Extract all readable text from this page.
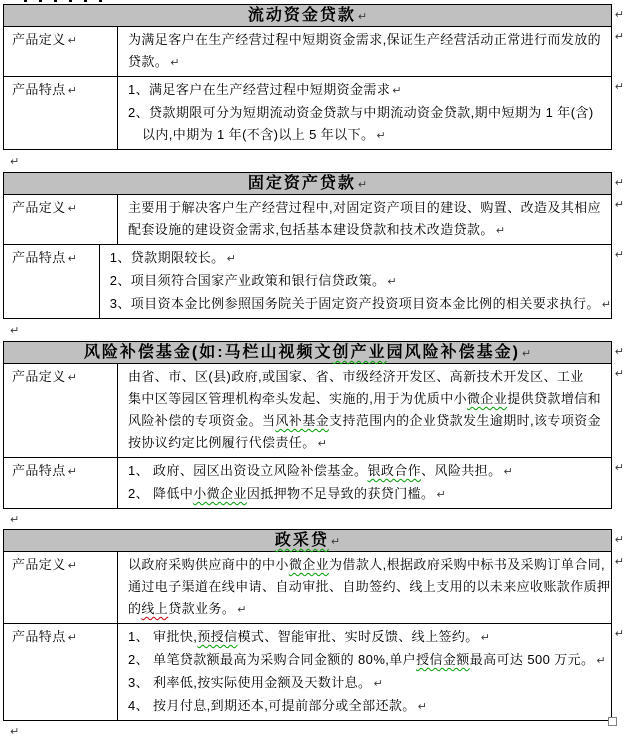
流动资金贷款 ↵	↵
产品定义 ↵	为满足客户在生产经营过程中短期资金需求,保证生产经营活动正常进行而发放的
贷款。 ↵
↵
产品特点 ↵	1、满足客户在生产经营过程中短期资金需求 ↵
2、贷款期限可分为短期流动资金贷款与中期流动资金贷款,期中短期为 1 年(含)
以内,中期为 1 年(不含)以上 5 年以下。 ↵
↵
↵
固定资产贷款 ↵	↵
产品定义 ↵	主要用于解决客户生产经营过程中,对固定资产项目的建设、购置、改造及其相应
配套设施的建设资金需求,包括基本建设贷款和技术改造贷款。 ↵
↵
产品特点 ↵	1、贷款期限较长。 ↵
2、项目须符合国家产业政策和银行信贷政策。 ↵
3、项目资本金比例参照国务院关于固定资产投资项目资本金比例的相关要求执行。 ↵
↵
↵
风险补偿基金(如:马栏山视频文创产业园风险补偿基金) ↵	↵
产品定义 ↵	由省、市、区(县)政府,或国家、省、市级经济开发区、高新技术开发区、工业
集中区等园区管理机构牵头发起、实施的,用于为优质中小微企业提供贷款增信和
风险补偿的专项资金。当风补基金支持范围内的企业贷款发生逾期时,该专项资金
按协议约定比例履行代偿责任。 ↵
↵
产品特点 ↵	1、 政府、园区出资设立风险补偿基金。银政合作、风险共担。 ↵
2、 降低中小微企业因抵押物不足导致的获贷门槛。 ↵
↵
↵
政采贷 ↵	↵
产品定义 ↵	以政府采购供应商中的中小微企业为借款人,根据政府采购中标书及采购订单合同,
通过电子渠道在线申请、自动审批、自助签约、线上支用的以未来应收账款作质押
的线上贷款业务。 ↵
↵
产品特点 ↵	1、 审批快,预授信模式、智能审批、实时反馈、线上签约。 ↵
2、 单笔贷款额最高为采购合同金额的 80%,单户授信金额最高可达 500 万元。 ↵
3、 利率低,按实际使用金额及天数计息。 ↵
4、 按月付息,到期还本,可提前部分或全部还款。 ↵
↵
↵
